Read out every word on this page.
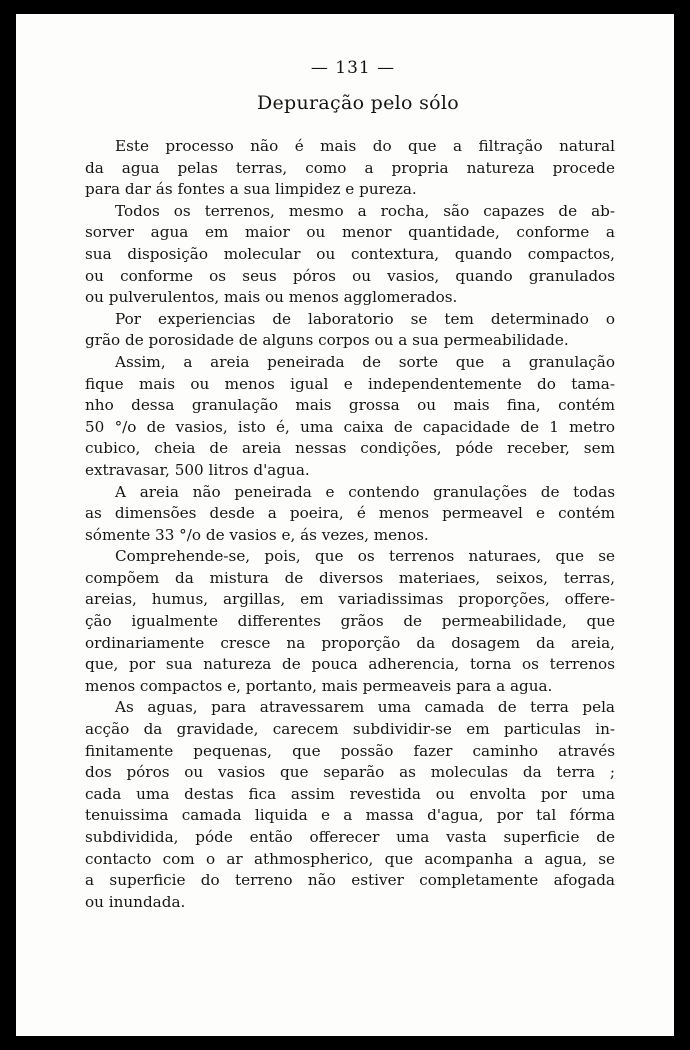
— 131 —
Depuração pelo sólo
Este processo não é mais do que a filtração natural
da agua pelas terras, como a propria natureza procede
para dar ás fontes a sua limpidez e pureza.
Todos os terrenos, mesmo a rocha, são capazes de ab-
sorver agua em maior ou menor quantidade, conforme a
sua disposição molecular ou contextura, quando compactos,
ou conforme os seus póros ou vasios, quando granulados
ou pulverulentos, mais ou menos agglomerados.
Por experiencias de laboratorio se tem determinado o
grão de porosidade de alguns corpos ou a sua permeabilidade.
Assim, a areia peneirada de sorte que a granulação
fique mais ou menos igual e independentemente do tama-
nho dessa granulação mais grossa ou mais fina, contém
50 °/o de vasios, isto é, uma caixa de capacidade de 1 metro
cubico, cheia de areia nessas condições, póde receber, sem
extravasar, 500 litros d'agua.
A areia não peneirada e contendo granulações de todas
as dimensões desde a poeira, é menos permeavel e contém
sómente 33 °/o de vasios e, ás vezes, menos.
Comprehende-se, pois, que os terrenos naturaes, que se
compõem da mistura de diversos materiaes, seixos, terras,
areias, humus, argillas, em variadissimas proporções, offere-
ção igualmente differentes grãos de permeabilidade, que
ordinariamente cresce na proporção da dosagem da areia,
que, por sua natureza de pouca adherencia, torna os terrenos
menos compactos e, portanto, mais permeaveis para a agua.
As aguas, para atravessarem uma camada de terra pela
acção da gravidade, carecem subdividir-se em particulas in-
finitamente pequenas, que possão fazer caminho através
dos póros ou vasios que separão as moleculas da terra ;
cada uma destas fica assim revestida ou envolta por uma
tenuissima camada liquida e a massa d'agua, por tal fórma
subdividida, póde então offerecer uma vasta superficie de
contacto com o ar athmospherico, que acompanha a agua, se
a superficie do terreno não estiver completamente afogada
ou inundada.
